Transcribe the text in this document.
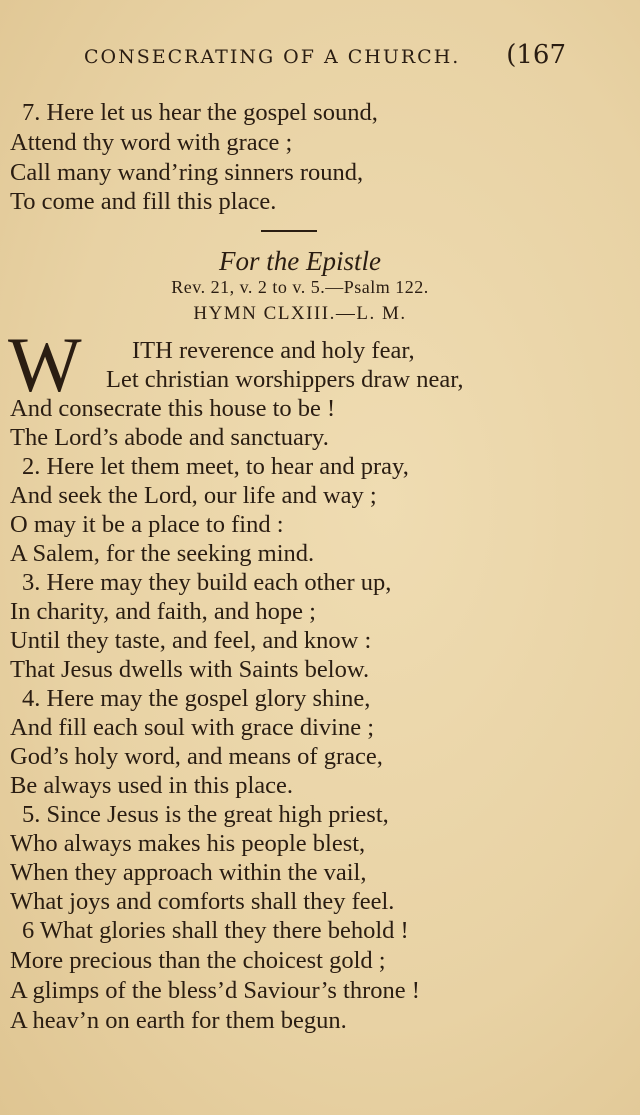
CONSECRATING OF A CHURCH. (167
7. Here let us hear the gospel sound,
Attend thy word with grace ;
Call many wand’ring sinners round,
To come and fill this place.
For the Epistle
Rev. 21, v. 2 to v. 5.—Psalm 122.
HYMN CLXIII.—L. M.
W ITH reverence and holy fear,
Let christian worshippers draw near,
And consecrate this house to be !
The Lord’s abode and sanctuary.
2. Here let them meet, to hear and pray,
And seek the Lord, our life and way ;
O may it be a place to find :
A Salem, for the seeking mind.
3. Here may they build each other up,
In charity, and faith, and hope ;
Until they taste, and feel, and know :
That Jesus dwells with Saints below.
4. Here may the gospel glory shine,
And fill each soul with grace divine ;
God’s holy word, and means of grace,
Be always used in this place.
5. Since Jesus is the great high priest,
Who always makes his people blest,
When they approach within the vail,
What joys and comforts shall they feel.
6 What glories shall they there behold !
More precious than the choicest gold ;
A glimps of the bless’d Saviour’s throne !
A heav’n on earth for them begun.
